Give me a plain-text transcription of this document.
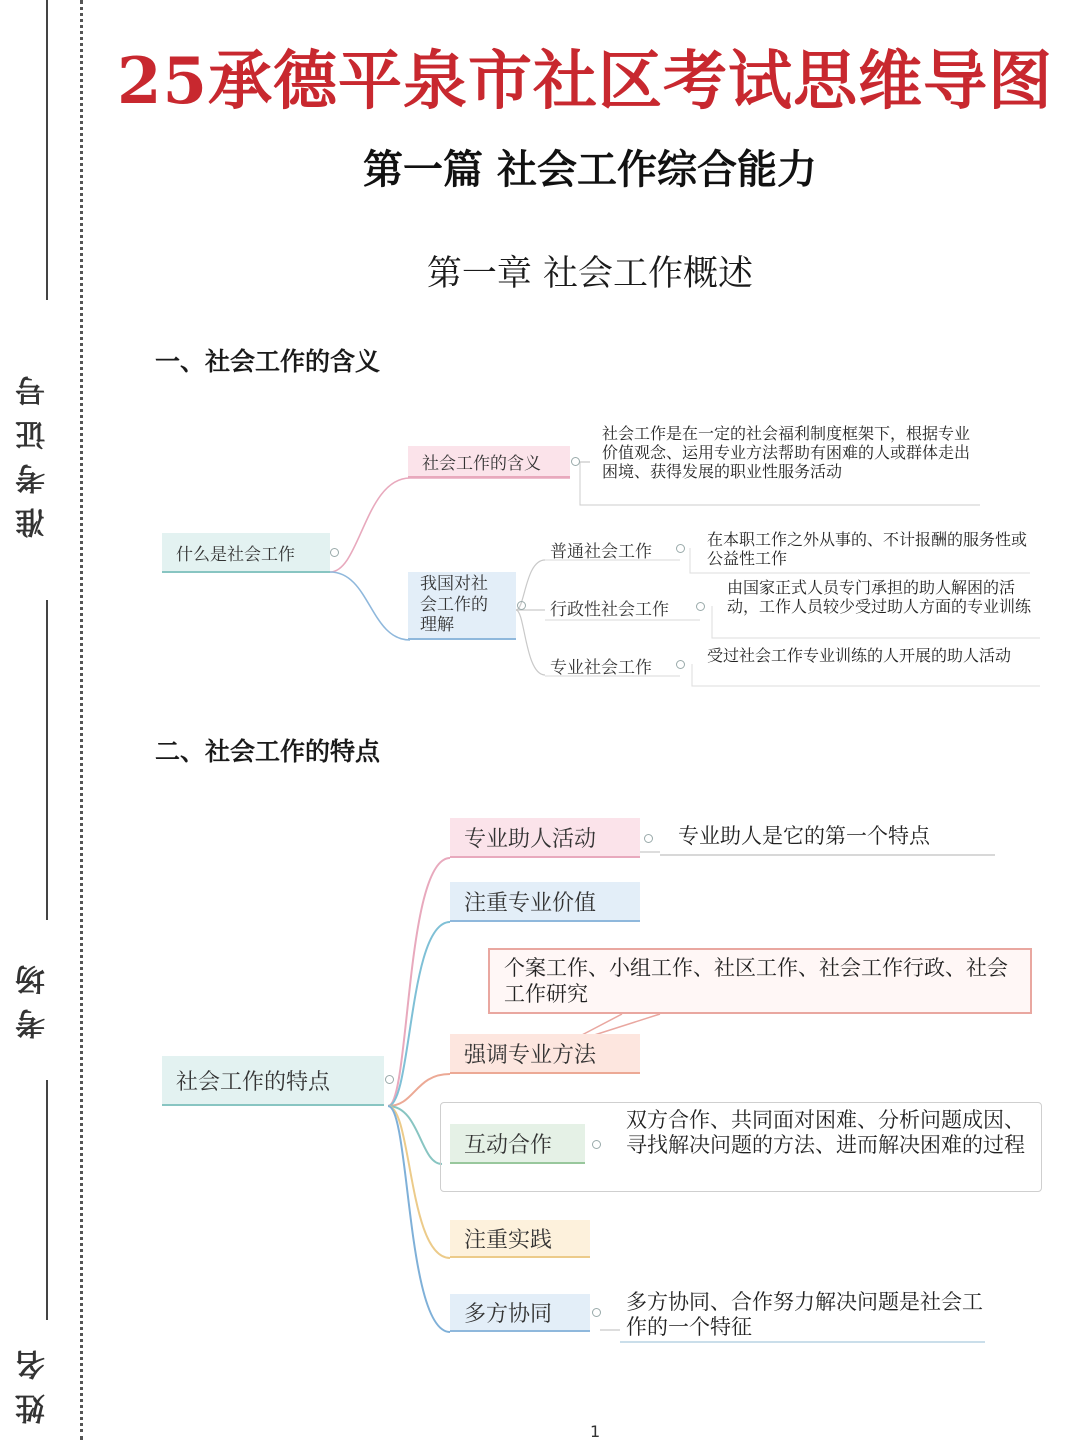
准考证号
考场
姓名
25承德平泉市社区考试思维导图
第一篇 社会工作综合能力
第一章 社会工作概述
一、社会工作的含义
什么是社会工作
社会工作的含义
社会工作是在一定的社会福利制度框架下，根据专业价值观念、运用专业方法帮助有困难的人或群体走出困境、获得发展的职业性服务活动
我国对社会工作的理解
普通社会工作
在本职工作之外从事的、不计报酬的服务性或公益性工作
行政性社会工作
由国家正式人员专门承担的助人解困的活动，工作人员较少受过助人方面的专业训练
专业社会工作
受过社会工作专业训练的人开展的助人活动
二、社会工作的特点
社会工作的特点
专业助人活动	专业助人是它的第一个特点
注重专业价值
个案工作、小组工作、社区工作、社会工作行政、社会工作研究
强调专业方法
互动合作
双方合作、共同面对困难、分析问题成因、寻找解决问题的方法、进而解决困难的过程
注重实践
多方协同	多方协同、合作努力解决问题是社会工作的一个特征
1
